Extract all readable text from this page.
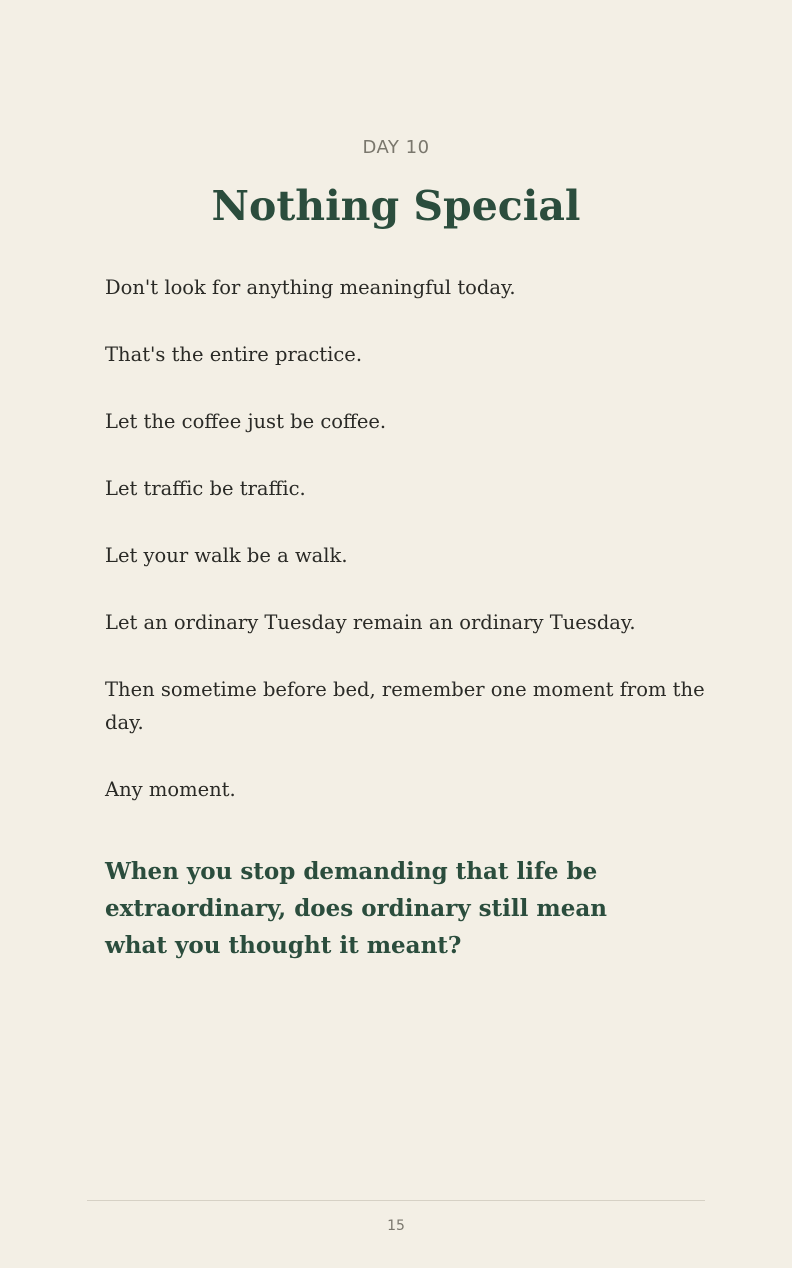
DAY 10
Nothing Special

Don't look for anything meaningful today.

That's the entire practice.

Let the coffee just be coffee.

Let traffic be traffic.

Let your walk be a walk.

Let an ordinary Tuesday remain an ordinary Tuesday.

Then sometime before bed, remember one moment from the day.

Any moment.

When you stop demanding that life be extraordinary, does ordinary still mean what you thought it meant?

15
